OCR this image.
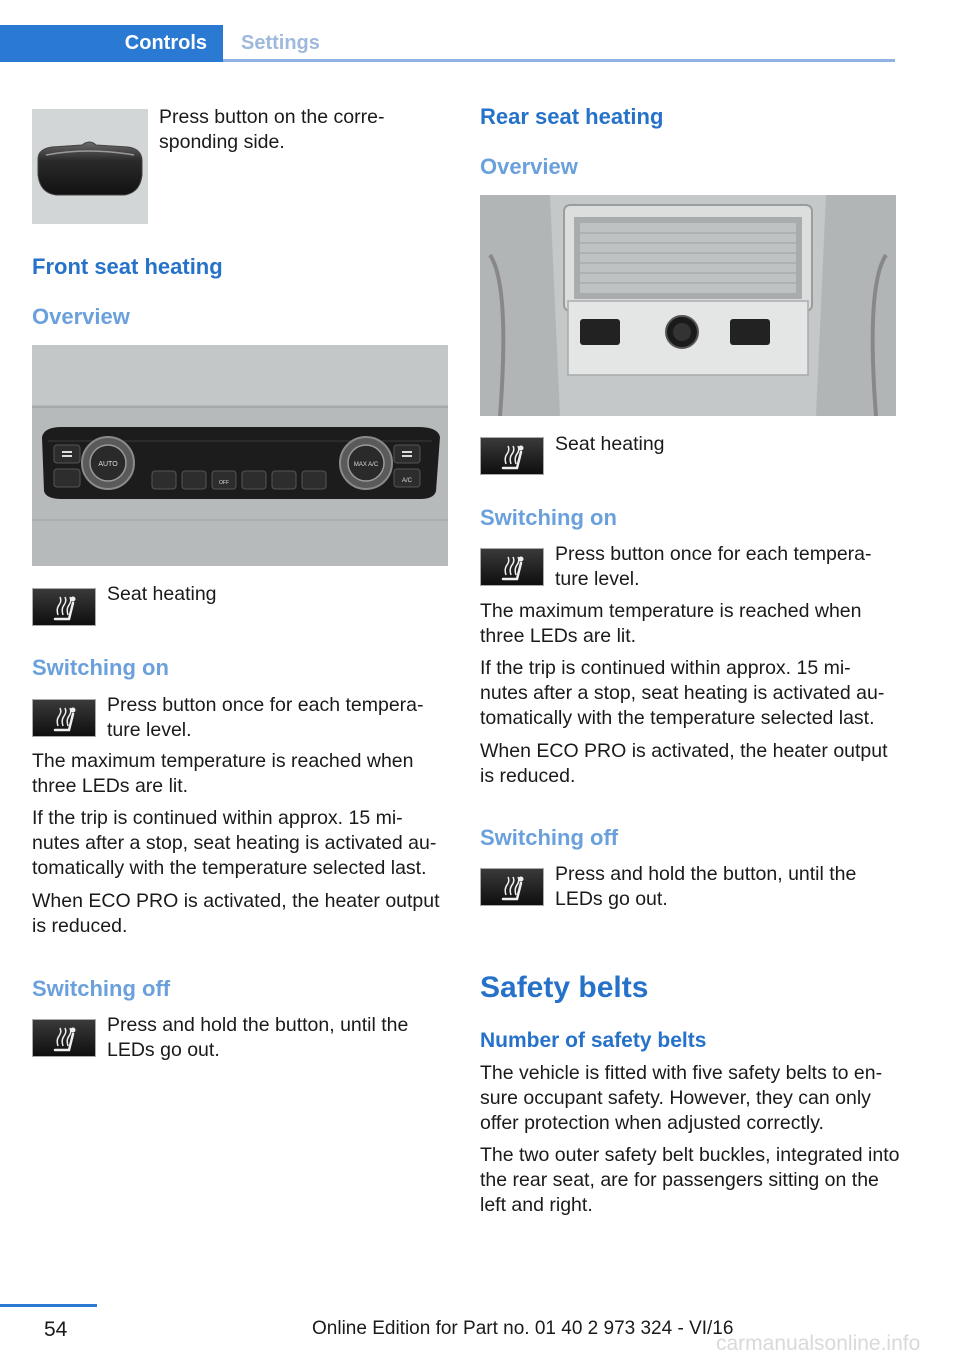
Controls	Settings
Press button on the corre‐sponding side.
Front seat heating
Overview
AUTO	MAX A/C
A/C
OFF
Seat heating
Switching on
Press button once for each tempera‐ture level.
The maximum temperature is reached when three LEDs are lit.
If the trip is continued within approx. 15 mi‐nutes after a stop, seat heating is activated au‐tomatically with the temperature selected last.
When ECO PRO is activated, the heater output is reduced.
Switching off
Press and hold the button, until the LEDs go out.
Rear seat heating
Overview
Seat heating
Switching on
Press button once for each tempera‐ture level.
The maximum temperature is reached when three LEDs are lit.
If the trip is continued within approx. 15 mi‐nutes after a stop, seat heating is activated au‐tomatically with the temperature selected last.
When ECO PRO is activated, the heater output is reduced.
Switching off
Press and hold the button, until the LEDs go out.
Safety belts
Number of safety belts
The vehicle is fitted with five safety belts to en‐sure occupant safety. However, they can only offer protection when adjusted correctly.
The two outer safety belt buckles, integrated into the rear seat, are for passengers sitting on the left and right.
54	Online Edition for Part no. 01 40 2 973 324 - VI/16
carmanualsonline.info
